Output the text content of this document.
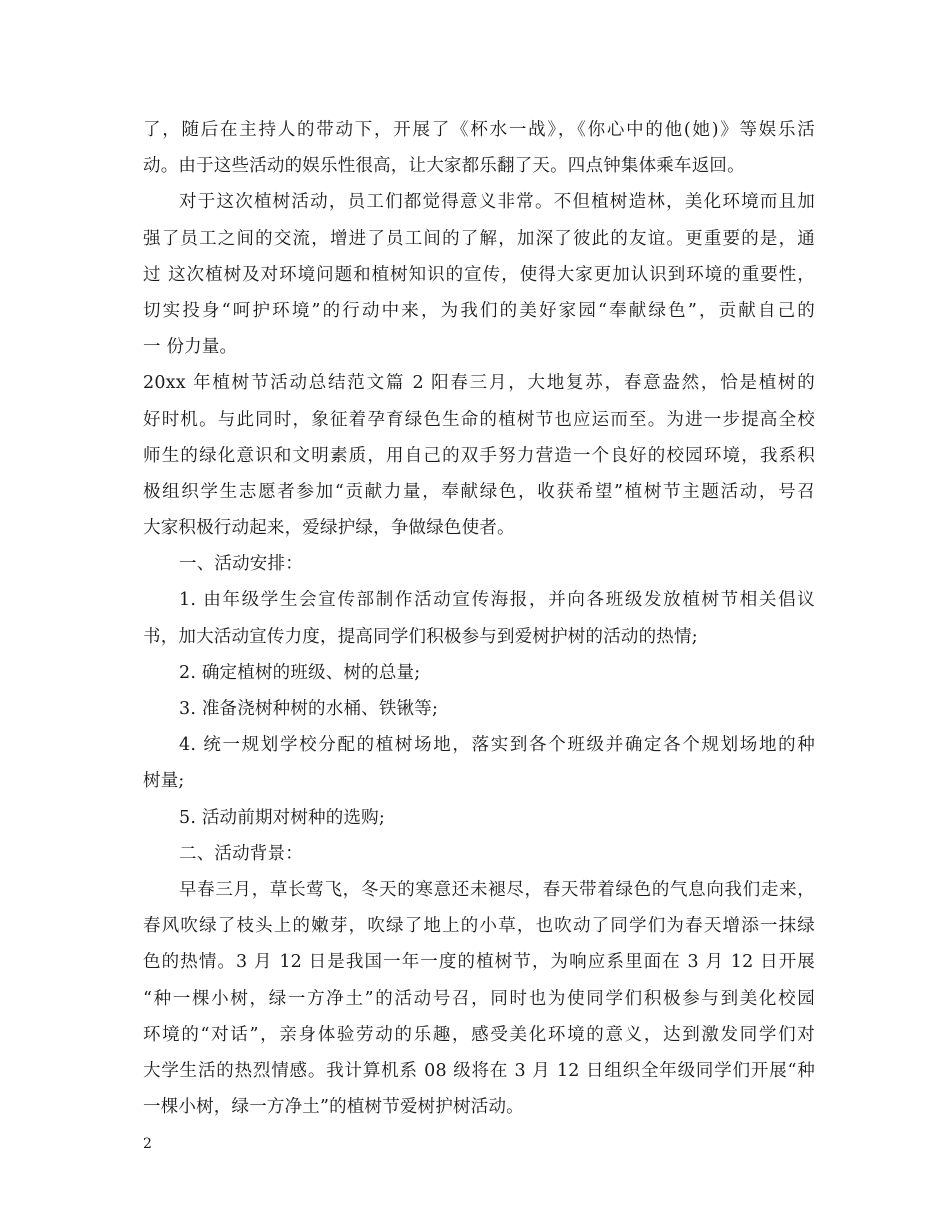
了，随后在主持人的带动下，开展了《杯水一战》，《你心中的他(她)》等娱乐活
动。由于这些活动的娱乐性很高，让大家都乐翻了天。四点钟集体乘车返回。
对于这次植树活动，员工们都觉得意义非常。不但植树造林，美化环境而且加
强了员工之间的交流，增进了员工间的了解，加深了彼此的友谊。更重要的是，通
过 这次植树及对环境问题和植树知识的宣传，使得大家更加认识到环境的重要性，
切实投身“呵护环境”的行动中来，为我们的美好家园“奉献绿色”，贡献自己的
一 份力量。
20xx 年植树节活动总结范文篇 2 阳春三月，大地复苏，春意盎然，恰是植树的
好时机。与此同时，象征着孕育绿色生命的植树节也应运而至。为进一步提高全校
师生的绿化意识和文明素质，用自己的双手努力营造一个良好的校园环境，我系积
极组织学生志愿者参加“贡献力量，奉献绿色，收获希望”植树节主题活动，号召
大家积极行动起来，爱绿护绿，争做绿色使者。
一、活动安排：
1. 由年级学生会宣传部制作活动宣传海报，并向各班级发放植树节相关倡议
书，加大活动宣传力度，提高同学们积极参与到爱树护树的活动的热情;
2. 确定植树的班级、树的总量;
3. 准备浇树种树的水桶、铁锹等;
4. 统一规划学校分配的植树场地，落实到各个班级并确定各个规划场地的种
树量;
5. 活动前期对树种的选购;
二、活动背景：
早春三月，草长莺飞，冬天的寒意还未褪尽，春天带着绿色的气息向我们走来，
春风吹绿了枝头上的嫩芽，吹绿了地上的小草，也吹动了同学们为春天增添一抹绿
色的热情。3 月 12 日是我国一年一度的植树节，为响应系里面在 3 月 12 日开展
“种一棵小树，绿一方净土”的活动号召，同时也为使同学们积极参与到美化校园
环境的“对话”，亲身体验劳动的乐趣，感受美化环境的意义，达到激发同学们对
大学生活的热烈情感。我计算机系 08 级将在 3 月 12 日组织全年级同学们开展“种
一棵小树，绿一方净土”的植树节爱树护树活动。
2
